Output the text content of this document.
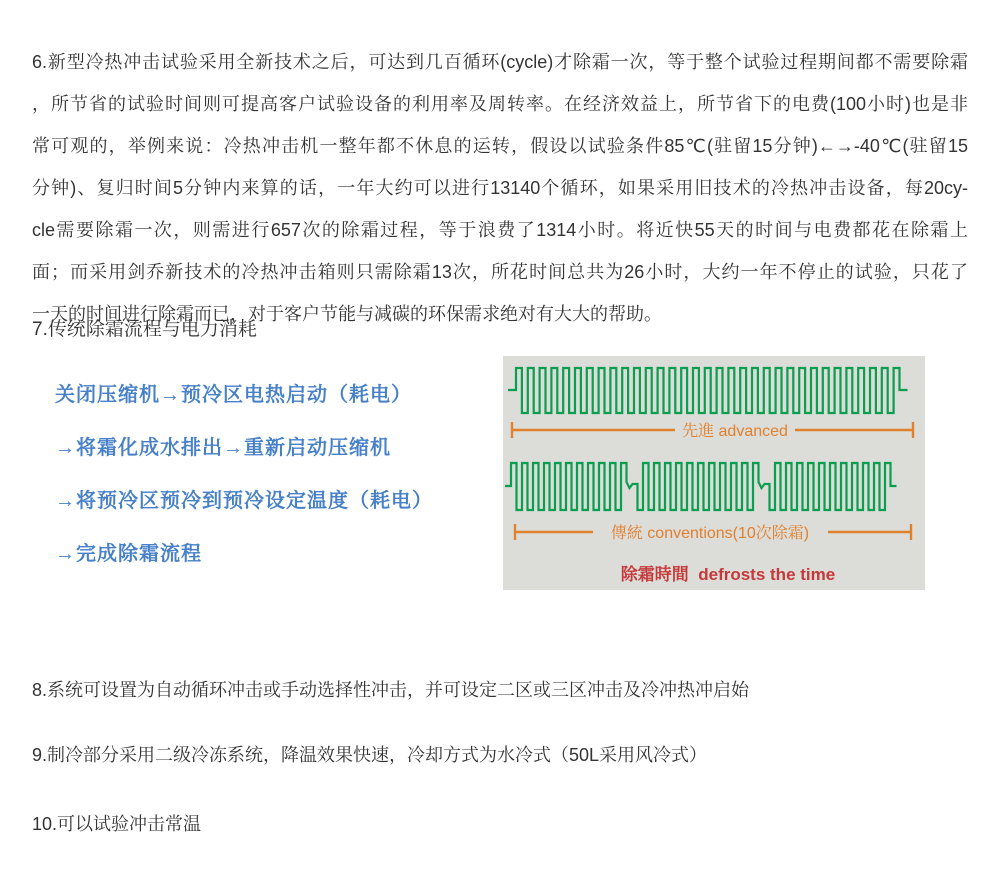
6.新型冷热冲击试验采用全新技术之后，可达到几百循环(cycle)才除霜一次，等于整个试验过程期间都不需要除霜
，所节省的试验时间则可提高客户试验设备的利用率及周转率。在经济效益上，所节省下的电费(100小时)也是非
常可观的，举例来说：冷热冲击机一整年都不休息的运转，假设以试验条件85℃(驻留15分钟)←→-40℃(驻留15
分钟)、复归时间5分钟内来算的话，一年大约可以进行13140个循环，如果采用旧技术的冷热冲击设备，每20cy-
cle需要除霜一次，则需进行657次的除霜过程，等于浪费了1314小时。将近快55天的时间与电费都花在除霜上
面；而采用剑乔新技术的冷热冲击箱则只需除霜13次，所花时间总共为26小时，大约一年不停止的试验，只花了
一天的时间进行除霜而已，对于客户节能与减碳的环保需求绝对有大大的帮助。
7.传统除霜流程与电力消耗
关闭压缩机→预冷区电热启动（耗电）
→将霜化成水排出→重新启动压缩机
→将预冷区预冷到预冷设定温度（耗电）
→完成除霜流程
先進 advanced
傳統 conventions(10次除霜)
除霜時間  defrosts the time
8.系统可设置为自动循环冲击或手动选择性冲击，并可设定二区或三区冲击及冷冲热冲启始
9.制冷部分采用二级冷冻系统，降温效果快速，冷却方式为水冷式（50L采用风冷式）
10.可以试验冲击常温
